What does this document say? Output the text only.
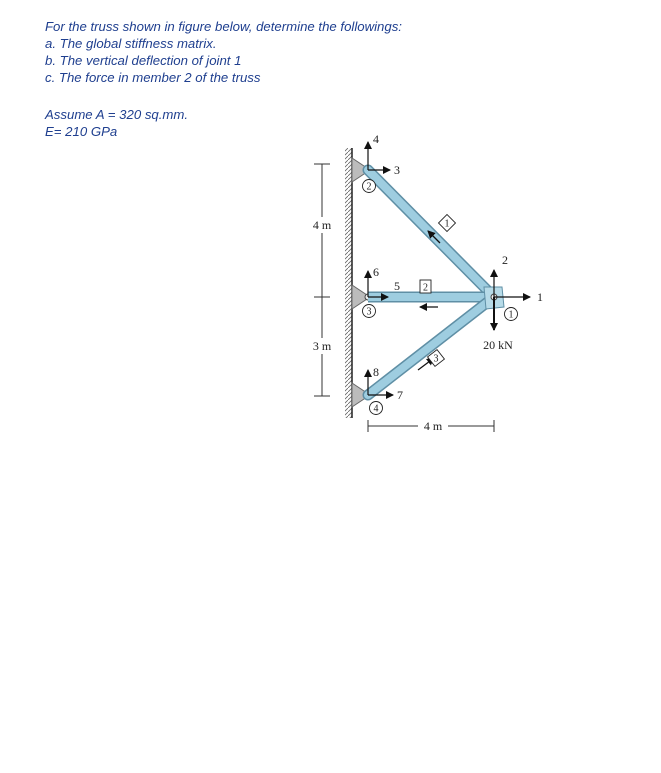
For the truss shown in figure below, determine the followings:
a. The global stiffness matrix.
b. The vertical deflection of joint 1
c. The force in member 2 of the truss
Assume A = 320 sq.mm.
E= 210 GPa
4 m
3 m
4 m
20 kN
2
3
4
1
1
2
3
1
2
3
4
5
6
7
8
